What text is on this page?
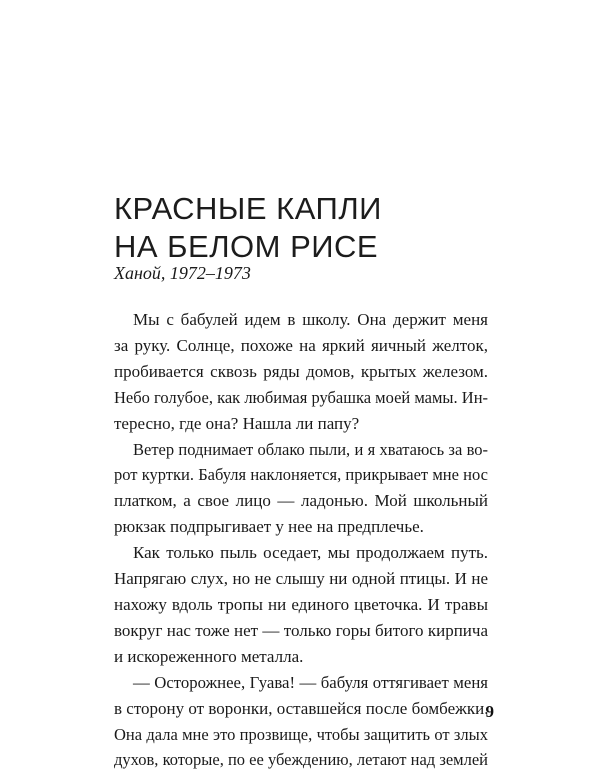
КРАСНЫЕ КАПЛИ
НА БЕЛОМ РИСЕ
Ханой, 1972–1973

Мы с бабулей идем в школу. Она держит меня
за руку. Солнце, похоже на яркий яичный желток,
пробивается сквозь ряды домов, крытых железом.
Небо голубое, как любимая рубашка моей мамы. Ин-
тересно, где она? Нашла ли папу?

Ветер поднимает облако пыли, и я хватаюсь за во-
рот куртки. Бабуля наклоняется, прикрывает мне нос
платком, а свое лицо — ладонью. Мой школьный
рюкзак подпрыгивает у нее на предплечье.

Как только пыль оседает, мы продолжаем путь.
Напрягаю слух, но не слышу ни одной птицы. И не
нахожу вдоль тропы ни единого цветочка. И травы
вокруг нас тоже нет — только горы битого кирпича
и искореженного металла.

— Осторожнее, Гуава! — бабуля оттягивает меня
в сторону от воронки, оставшейся после бомбежки.
Она дала мне это прозвище, чтобы защитить от злых
духов, которые, по ее убеждению, летают над землей

9
